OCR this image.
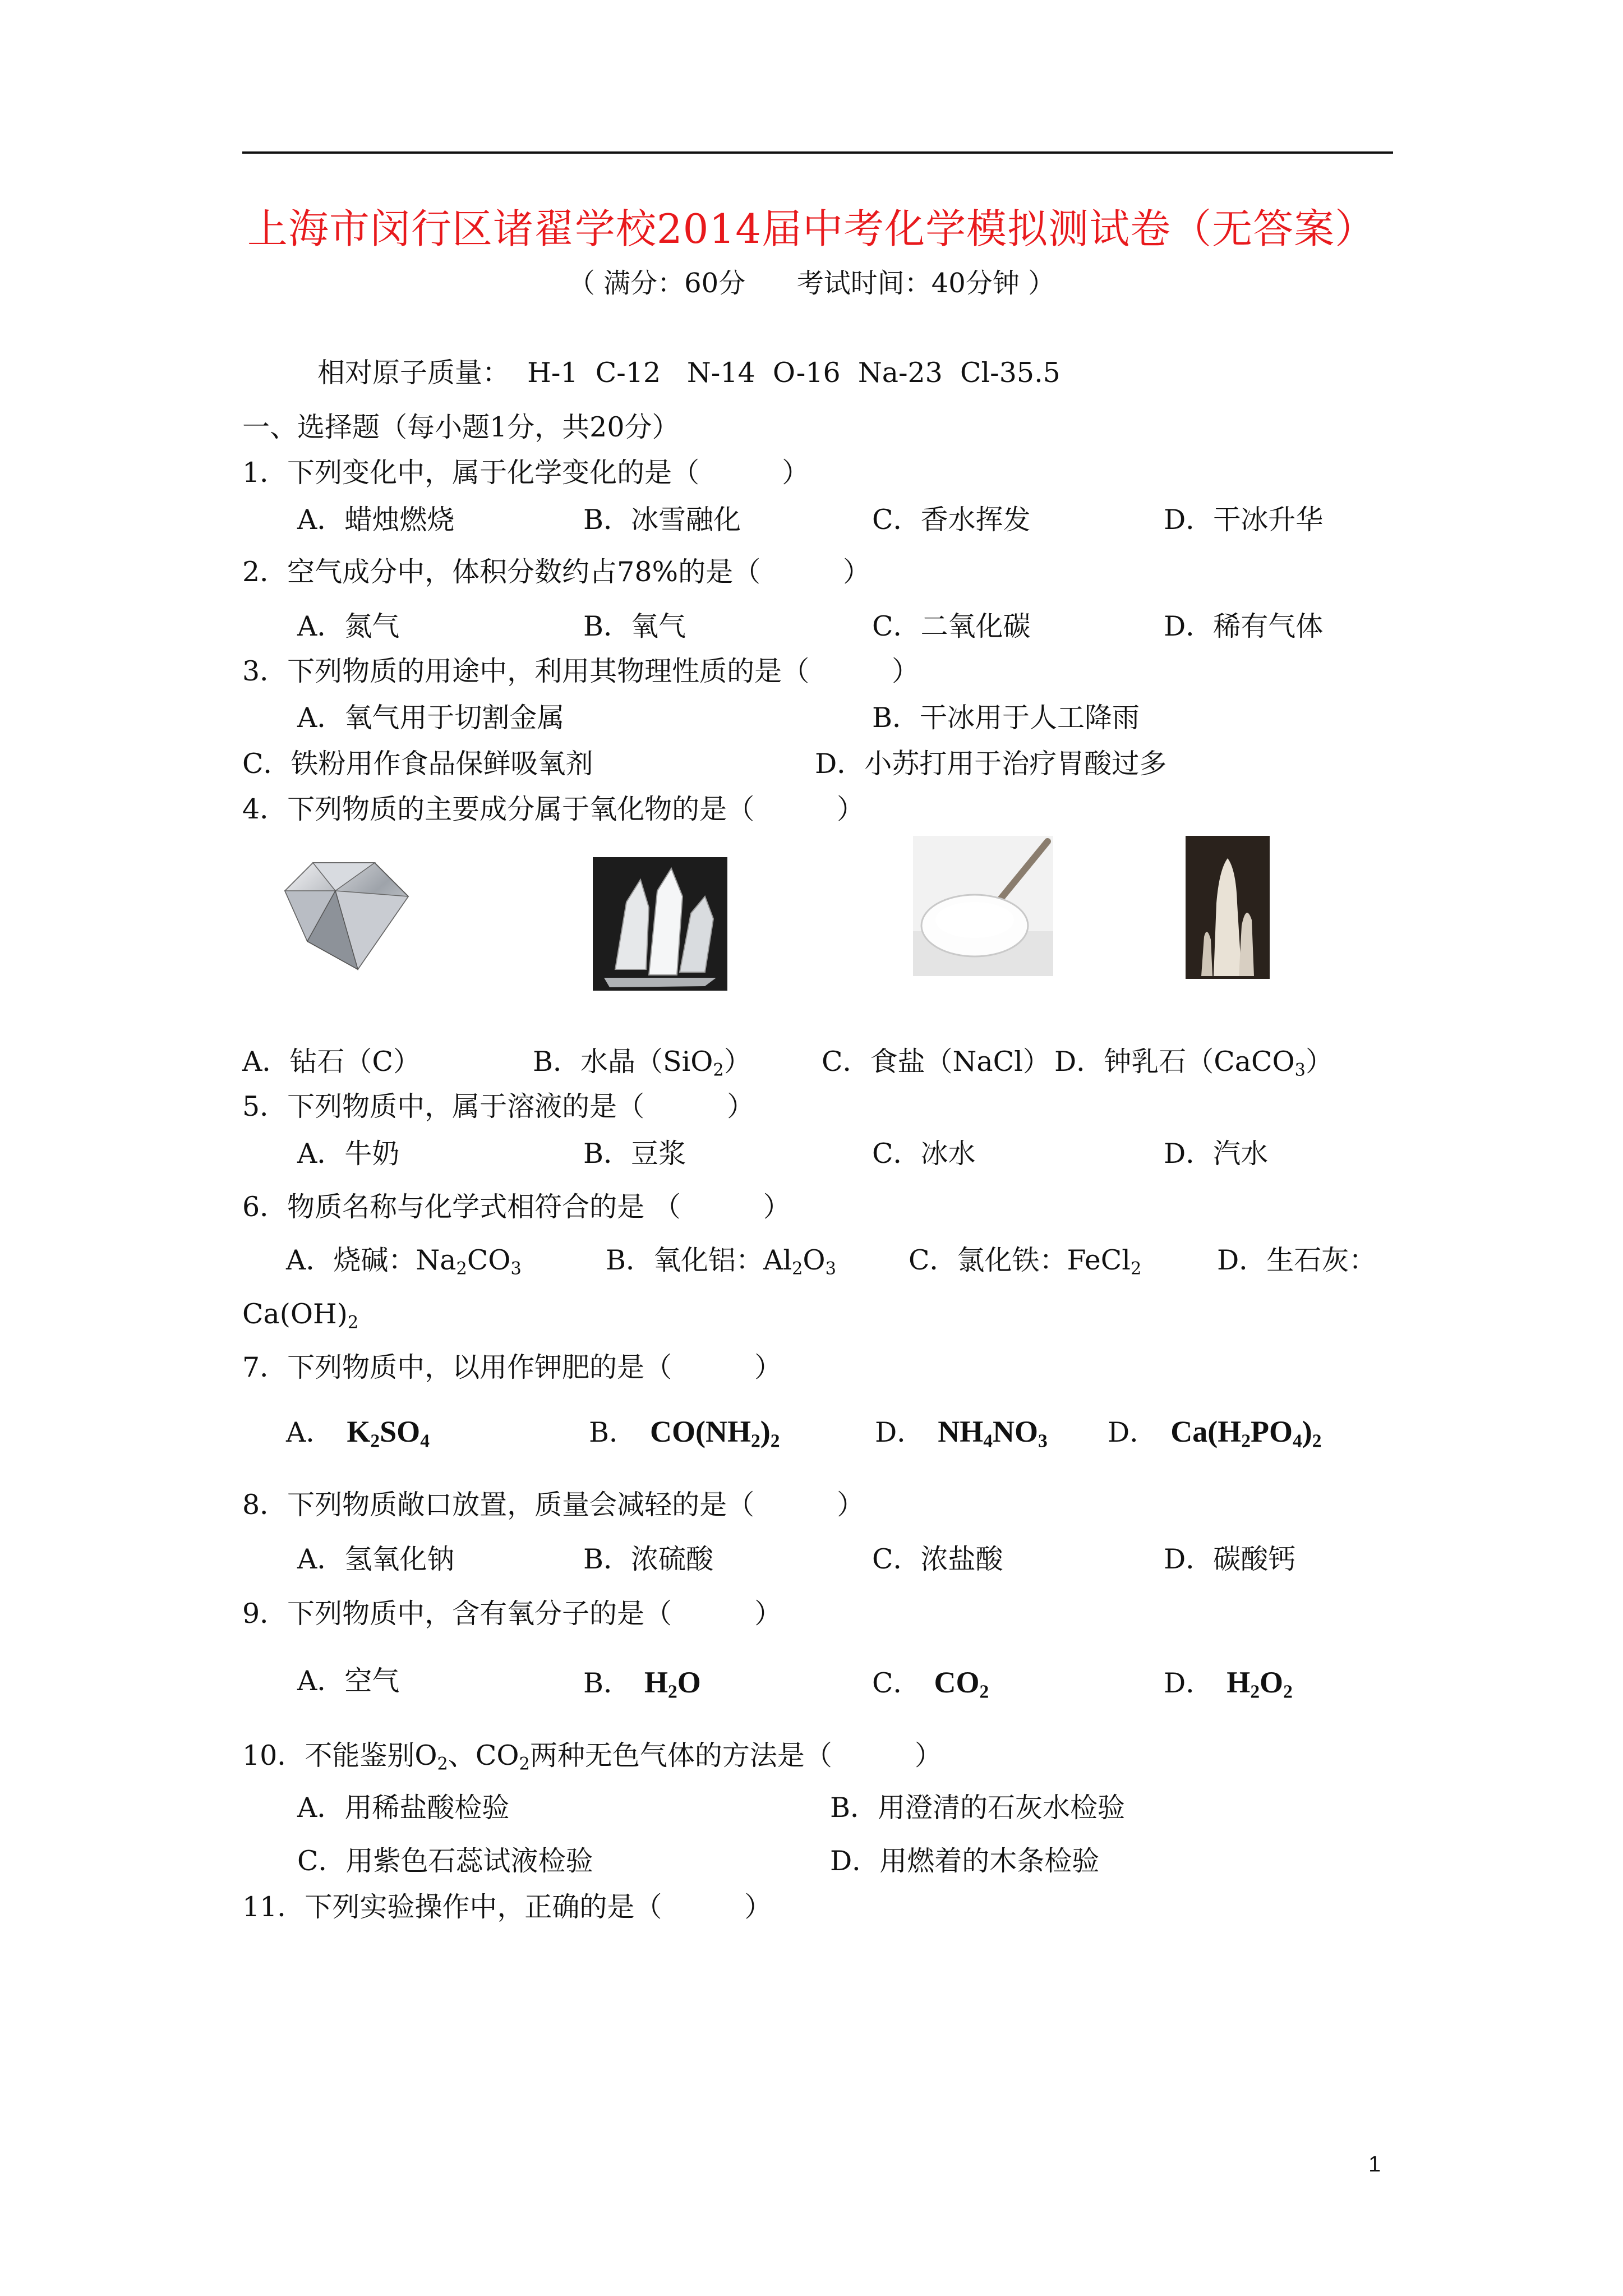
上海市闵行区诸翟学校2014届中考化学模拟测试卷（无答案）
（ 满分：60分      考试时间：40分钟 ）
相对原子质量：  H-1  C-12   N-14  O-16  Na-23  Cl-35.5
一、选择题（每小题1分，共20分）
1．下列变化中，属于化学变化的是（　　　）
A．蜡烛燃烧	B．冰雪融化	C．香水挥发	D．干冰升华
2．空气成分中，体积分数约占78%的是（　　　）
A．氮气	B．氧气	C．二氧化碳	D．稀有气体
3．下列物质的用途中，利用其物理性质的是（　　　）
A．氧气用于切割金属	B．干冰用于人工降雨
C．铁粉用作食品保鲜吸氧剂	D．小苏打用于治疗胃酸过多
4．下列物质的主要成分属于氧化物的是（　　　）
A．钻石（C）	B．水晶（SiO$_2$）	C．食盐（NaCl） D．钟乳石（CaCO$_3$）
5．下列物质中，属于溶液的是（　　　）
A．牛奶	B．豆浆	C．冰水	D．汽水
6．物质名称与化学式相符合的是 （　　　）
A．烧碱：$Na_2CO_3$	B．氧化铝：$Al_2O_3$	C．氯化铁：FeCl$_2$	D．生石灰：
$Ca(OH)_2$
7．下列物质中，以用作钾肥的是（　　　）
A． $K_2SO_4$	B． $CO(NH_2)_2$	D． $NH_4NO_3$ D． $Ca(H_2PO_4)_2$
8．下列物质敞口放置，质量会减轻的是（　　　）
A．氢氧化钠	B．浓硫酸	C．浓盐酸	D．碳酸钙
9．下列物质中，含有氧分子的是（　　　）
A．空气	B． $H_2O$	C． $CO_2$	D． $H_2O_2$
10．不能鉴别$O_2$、$CO_2$两种无色气体的方法是（　　　）
A．用稀盐酸检验	B．用澄清的石灰水检验
C．用紫色石蕊试液检验	D．用燃着的木条检验
11．下列实验操作中，正确的是（　　　）
1
